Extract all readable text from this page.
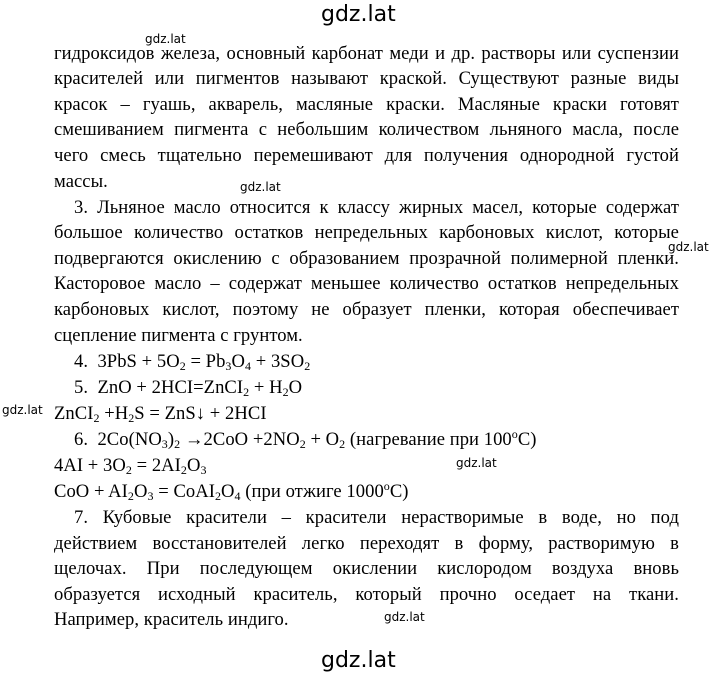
gdz.lat
gdz.lat
gdz.lat
gdz.lat
gdz.lat
gdz.lat
gdz.lat
gdz.lat
гидроксидов железа, основный карбонат меди и др. растворы или суспензии
красителей или пигментов называют краской. Существуют разные виды
красок – гуашь, акварель, масляные краски. Масляные краски готовят
смешиванием пигмента с небольшим количеством льняного масла, после
чего смесь тщательно перемешивают для получения однородной густой
массы.
3. Льняное масло относится к классу жирных масел, которые содержат
большое количество остатков непредельных карбоновых кислот, которые
подвергаются окислению с образованием прозрачной полимерной пленки.
Касторовое масло – содержат меньшее количество остатков непредельных
карбоновых кислот, поэтому не образует пленки, которая обеспечивает
сцепление пигмента с грунтом.
4. $3PbS + 5O_2 = Pb_3O_4 + 3SO_2$
5. ZnO + 2HCI=ZnCI$_2$ + $H_2O$
ZnCI$_2$ $+H_2S$ = ZnS↓ + 2HCI
6. $2Co(NO_3)_2 \to 2CoO +2NO_2 + O_2$ (нагревание при 100$^o$C)
$4AI + 3O_2 = 2AI_2O_3$
CoO + $AI_2O_3$ = $CoAI_2O_4$ (при отжиге 1000$^o$C)
7. Кубовые красители – красители нерастворимые в воде, но под
действием восстановителей легко переходят в форму, растворимую в
щелочах. При последующем окислении кислородом воздуха вновь
образуется исходный краситель, который прочно оседает на ткани.
Например, краситель индиго.
